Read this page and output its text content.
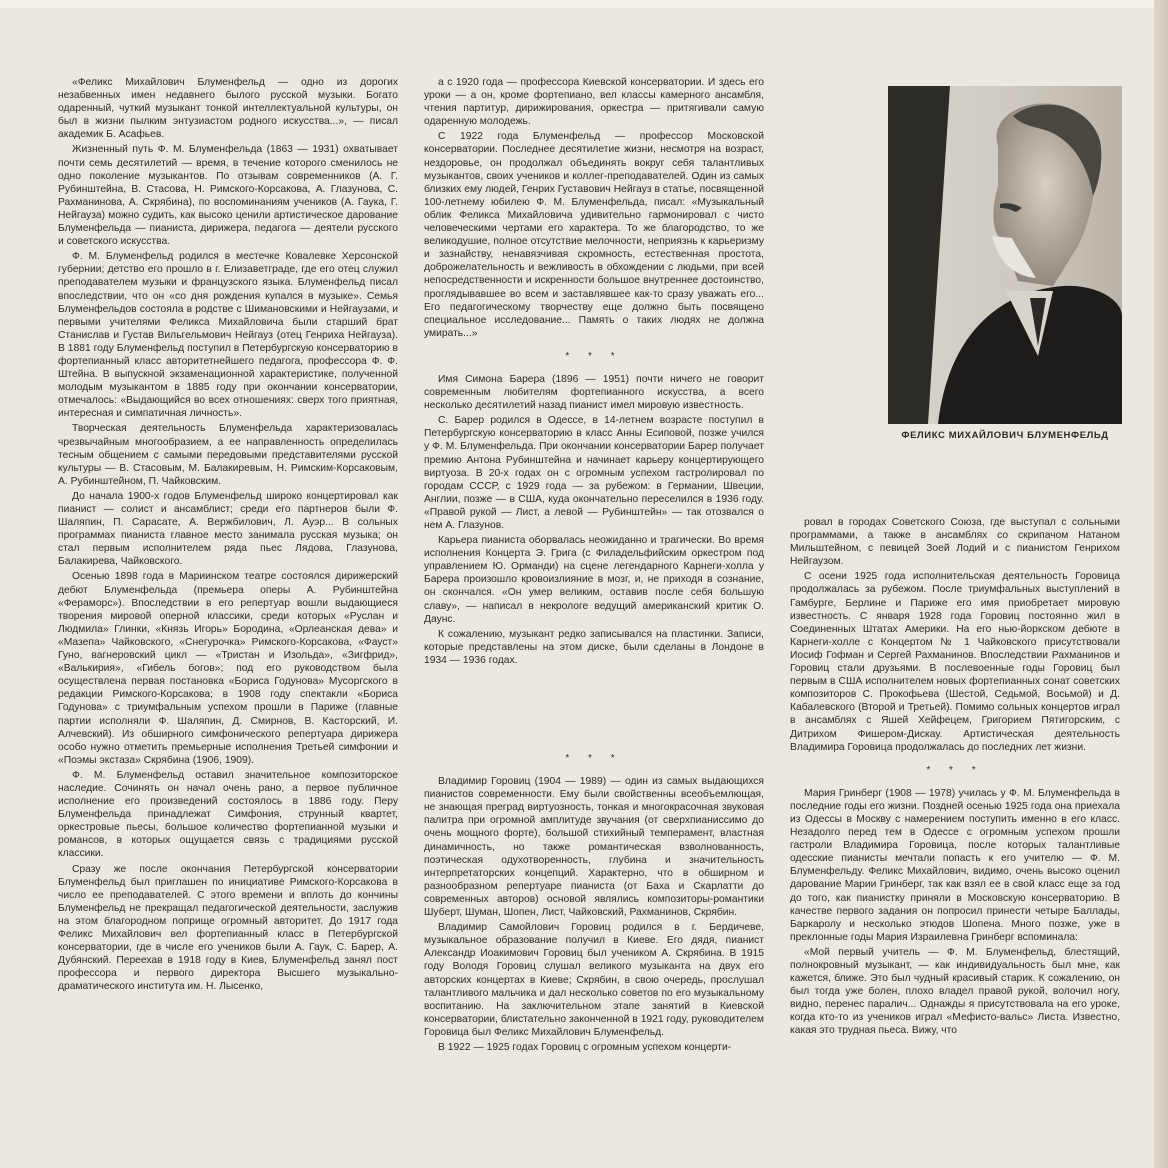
«Феликс Михайлович Блуменфельд — одно из дорогих незабвенных имен недавнего былого русской музыки. Богато одаренный, чуткий музыкант тонкой интеллектуальной культуры, он был в жизни пылким энтузиастом родного искусства...», — писал академик Б. Асафьев.

Жизненный путь Ф. М. Блуменфельда (1863 — 1931) охватывает почти семь десятилетий — время, в течение которого сменилось не одно поколение музыкантов. По отзывам современников (А. Г. Рубинштейна, В. Стасова, Н. Римского-Корсакова, А. Глазунова, С. Рахманинова, А. Скрябина), по воспоминаниям учеников (А. Гаука, Г. Нейгауза) можно судить, как высоко ценили артистическое дарование Блуменфельда — пианиста, дирижера, педагога — деятели русского и советского искусства.

Ф. М. Блуменфельд родился в местечке Ковалевке Херсонской губернии; детство его прошло в г. Елизаветграде, где его отец служил преподавателем музыки и французского языка. Блуменфельд писал впоследствии, что он «со дня рождения купался в музыке». Семья Блуменфельдов состояла в родстве с Шимановскими и Нейгаузами, и первыми учителями Феликса Михайловича были старший брат Станислав и Густав Вильгельмович Нейгауз (отец Генриха Нейгауза). В 1881 году Блуменфельд поступил в Петербургскую консерваторию в фортепианный класс авторитетнейшего педагога, профессора Ф. Ф. Штейна. В выпускной экзаменационной характеристике, полученной молодым музыкантом в 1885 году при окончании консерватории, отмечалось: «Выдающийся во всех отношениях: сверх того приятная, интересная и симпатичная личность».

Творческая деятельность Блуменфельда характеризовалась чрезвычайным многообразием, а ее направленность определилась тесным общением с самыми передовыми представителями русской культуры — В. Стасовым, М. Балакиревым, Н. Римским-Корсаковым, А. Рубинштейном, П. Чайковским.

До начала 1900-х годов Блуменфельд широко концертировал как пианист — солист и ансамблист; среди его партнеров были Ф. Шаляпин, П. Сарасате, А. Вержбилович, Л. Ауэр... В сольных программах пианиста главное место занимала русская музыка; он стал первым исполнителем ряда пьес Лядова, Глазунова, Балакирева, Чайковского.

Осенью 1898 года в Мариинском театре состоялся дирижерский дебют Блуменфельда (премьера оперы А. Рубинштейна «Фераморс»). Впоследствии в его репертуар вошли выдающиеся творения мировой оперной классики, среди которых «Руслан и Людмила» Глинки, «Князь Игорь» Бородина, «Орлеанская дева» и «Мазепа» Чайковского, «Снегурочка» Римского-Корсакова, «Фауст» Гуно, вагнеровский цикл — «Тристан и Изольда», «Зигфрид», «Валькирия», «Гибель богов»; под его руководством была осуществлена первая постановка «Бориса Годунова» Мусоргского в редакции Римского-Корсакова; в 1908 году спектакли «Бориса Годунова» с триумфальным успехом прошли в Париже (главные партии исполняли Ф. Шаляпин, Д. Смирнов, В. Касторский, И. Алчевский). Из обширного симфонического репертуара дирижера особо нужно отметить премьерные исполнения Третьей симфонии и «Поэмы экстаза» Скрябина (1906, 1909).

Ф. М. Блуменфельд оставил значительное композиторское наследие. Сочинять он начал очень рано, а первое публичное исполнение его произведений состоялось в 1886 году. Перу Блуменфельда принадлежат Симфония, струнный квартет, оркестровые пьесы, большое количество фортепианной музыки и романсов, в которых ощущается связь с традициями русской классики.

Сразу же после окончания Петербургской консерватории Блуменфельд был приглашен по инициативе Римского-Корсакова в число ее преподавателей. С этого времени и вплоть до кончины Блуменфельд не прекращал педагогической деятельности, заслужив на этом благородном поприще огромный авторитет. До 1917 года Феликс Михайлович вел фортепианный класс в Петербургской консерватории, где в числе его учеников были А. Гаук, С. Барер, А. Дубянский. Переехав в 1918 году в Киев, Блуменфельд занял пост профессора и первого директора Высшего музыкально-драматического института им. Н. Лысенко,

а с 1920 года — профессора Киевской консерватории. И здесь его уроки — а он, кроме фортепиано, вел классы камерного ансамбля, чтения партитур, дирижирования, оркестра — притягивали самую одаренную молодежь.

С 1922 года Блуменфельд — профессор Московской консерватории. Последнее десятилетие жизни, несмотря на возраст, нездоровье, он продолжал объединять вокруг себя талантливых музыкантов, своих учеников и коллег-преподавателей. Один из самых близких ему людей, Генрих Густавович Нейгауз в статье, посвященной 100-летнему юбилею Ф. М. Блуменфельда, писал: «Музыкальный облик Феликса Михайловича удивительно гармонировал с чисто человеческими чертами его характера. То же благородство, то же великодушие, полное отсутствие мелочности, неприязнь к карьеризму и зазнайству, ненавязчивая скромность, естественная простота, доброжелательность и вежливость в обхождении с людьми, при всей непосредственности и искренности большое внутреннее достоинство, проглядывавшее во всем и заставлявшее как-то сразу уважать его... Его педагогическому творчеству еще должно быть посвящено специальное исследование... Память о таких людях не должна умирать...»

* * *

Имя Симона Барера (1896 — 1951) почти ничего не говорит современным любителям фортепианного искусства, а всего несколько десятилетий назад пианист имел мировую известность.

С. Барер родился в Одессе, в 14-летнем возрасте поступил в Петербургскую консерваторию в класс Анны Есиповой, позже учился у Ф. М. Блуменфельда. При окончании консерватории Барер получает премию Антона Рубинштейна и начинает карьеру концертирующего виртуоза. В 20-х годах он с огромным успехом гастролировал по городам СССР, с 1929 года — за рубежом: в Германии, Швеции, Англии, позже — в США, куда окончательно переселился в 1936 году. «Правой рукой — Лист, а левой — Рубинштейн» — так отозвался о нем А. Глазунов.

Карьера пианиста оборвалась неожиданно и трагически. Во время исполнения Концерта Э. Грига (с Филадельфийским оркестром под управлением Ю. Орманди) на сцене легендарного Карнеги-холла у Барера произошло кровоизлияние в мозг, и, не приходя в сознание, он скончался. «Он умер великим, оставив после себя большую славу», — написал в некрологе ведущий американский критик О. Даунс.

К сожалению, музыкант редко записывался на пластинки. Записи, которые представлены на этом диске, были сделаны в Лондоне в 1934 — 1936 годах.

* * *

Владимир Горовиц (1904 — 1989) — один из самых выдающихся пианистов современности. Ему были свойственны всеобъемлющая, не знающая преград виртуозность, тонкая и многокрасочная звуковая палитра при огромной амплитуде звучания (от сверхпианиссимо до очень мощного форте), большой стихийный темперамент, властная динамичность, но также романтическая взволнованность, поэтическая одухотворенность, глубина и значительность интерпретаторских концепций. Характерно, что в обширном и разнообразном репертуаре пианиста (от Баха и Скарлатти до современных авторов) основой являлись композиторы-романтики Шуберт, Шуман, Шопен, Лист, Чайковский, Рахманинов, Скрябин.

Владимир Самойлович Горовиц родился в г. Бердичеве, музыкальное образование получил в Киеве. Его дядя, пианист Александр Иоакимович Горовиц был учеником А. Скрябина. В 1915 году Володя Горовиц слушал великого музыканта на двух его авторских концертах в Киеве; Скрябин, в свою очередь, прослушал талантливого мальчика и дал несколько советов по его музыкальному воспитанию. На заключительном этапе занятий в Киевской консерватории, блистательно законченной в 1921 году, руководителем Горовица был Феликс Михайлович Блуменфельд.

В 1922 — 1925 годах Горовиц с огромным успехом концерти-

ФЕЛИКС МИХАЙЛОВИЧ БЛУМЕНФЕЛЬД

ровал в городах Советского Союза, где выступал с сольными программами, а также в ансамблях со скрипачом Натаном Мильштейном, с певицей Зоей Лодий и с пианистом Генрихом Нейгаузом.

С осени 1925 года исполнительская деятельность Горовица продолжалась за рубежом. После триумфальных выступлений в Гамбурге, Берлине и Париже его имя приобретает мировую известность. С января 1928 года Горовиц постоянно жил в Соединенных Штатах Америки. На его нью-йоркском дебюте в Карнеги-холле с Концертом № 1 Чайковского присутствовали Иосиф Гофман и Сергей Рахманинов. Впоследствии Рахманинов и Горовиц стали друзьями. В послевоенные годы Горовиц был первым в США исполнителем новых фортепианных сонат советских композиторов С. Прокофьева (Шестой, Седьмой, Восьмой) и Д. Кабалевского (Второй и Третьей). Помимо сольных концертов играл в ансамблях с Яшей Хейфецем, Григорием Пятигорским, с Дитрихом Фишером-Дискау. Артистическая деятельность Владимира Горовица продолжалась до последних лет жизни.

* * *

Мария Гринберг (1908 — 1978) училась у Ф. М. Блуменфельда в последние годы его жизни. Поздней осенью 1925 года она приехала из Одессы в Москву с намерением поступить именно в его класс. Незадолго перед тем в Одессе с огромным успехом прошли гастроли Владимира Горовица, после которых талантливые одесские пианисты мечтали попасть к его учителю — Ф. М. Блуменфельду. Феликс Михайлович, видимо, очень высоко оценил дарование Марии Гринберг, так как взял ее в свой класс еще за год до того, как пианистку приняли в Московскую консерваторию. В качестве первого задания он попросил принести четыре Баллады, Баркаролу и несколько этюдов Шопена. Много позже, уже в преклонные годы Мария Израилевна Гринберг вспоминала:

«Мой первый учитель — Ф. М. Блуменфельд, блестящий, полнокровный музыкант, — как индивидуальность был мне, как кажется, ближе. Это был чудный красивый старик. К сожалению, он был тогда уже болен, плохо владел правой рукой, волочил ногу, видно, перенес паралич... Однажды я присутствовала на его уроке, когда кто-то из учеников играл «Мефисто-вальс» Листа. Известно, какая это трудная пьеса. Вижу, что
